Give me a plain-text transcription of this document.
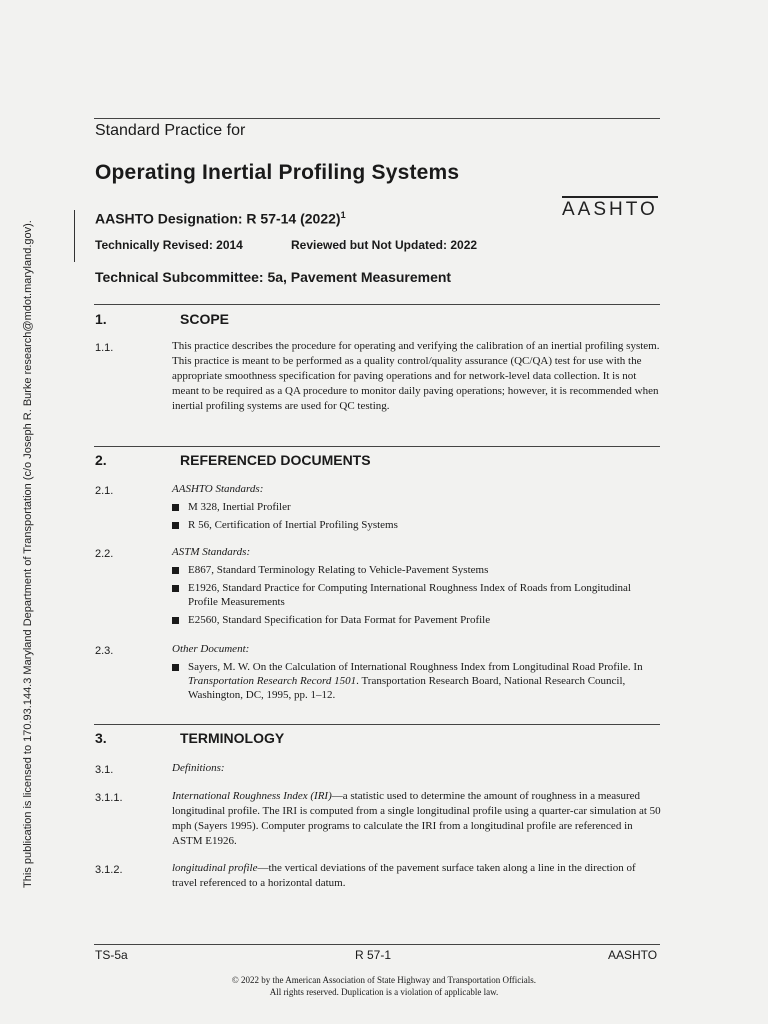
This publication is licensed to 170.93.144.3 Maryland Department of Transportation (c/o Joseph R. Burke research@mdot.maryland.gov).
Standard Practice for
Operating Inertial Profiling Systems
AASHTO Designation: R 57-14 $(2022)^1$	AASHTO
Technically Revised: 2014	Reviewed but Not Updated: 2022
Technical Subcommittee: 5a, Pavement Measurement
1.	SCOPE
1.1.	This practice describes the procedure for operating and verifying the calibration of an inertial profiling system. This practice is meant to be performed as a quality control/quality assurance (QC/QA) test for use with the appropriate smoothness specification for paving operations and for network-level data collection. It is not meant to be required as a QA procedure to monitor daily paving operations; however, it is recommended when inertial profiling systems are used for QC testing.
2.	REFERENCED DOCUMENTS
2.1.	AASHTO Standards:
M 328, Inertial Profiler
R 56, Certification of Inertial Profiling Systems
2.2.	ASTM Standards:
E867, Standard Terminology Relating to Vehicle-Pavement Systems
E1926, Standard Practice for Computing International Roughness Index of Roads from Longitudinal Profile Measurements
E2560, Standard Specification for Data Format for Pavement Profile
2.3.	Other Document:
Sayers, M. W. On the Calculation of International Roughness Index from Longitudinal Road Profile. In Transportation Research Record 1501. Transportation Research Board, National Research Council, Washington, DC, 1995, pp. 1–12.
3.	TERMINOLOGY
3.1.	Definitions:
3.1.1.	International Roughness Index (IRI)—a statistic used to determine the amount of roughness in a measured longitudinal profile. The IRI is computed from a single longitudinal profile using a quarter-car simulation at 50 mph (Sayers 1995). Computer programs to calculate the IRI from a longitudinal profile are referenced in ASTM E1926.
3.1.2.	longitudinal profile—the vertical deviations of the pavement surface taken along a line in the direction of travel referenced to a horizontal datum.
TS-5a	R 57-1	AASHTO
© 2022 by the American Association of State Highway and Transportation Officials.
All rights reserved. Duplication is a violation of applicable law.
